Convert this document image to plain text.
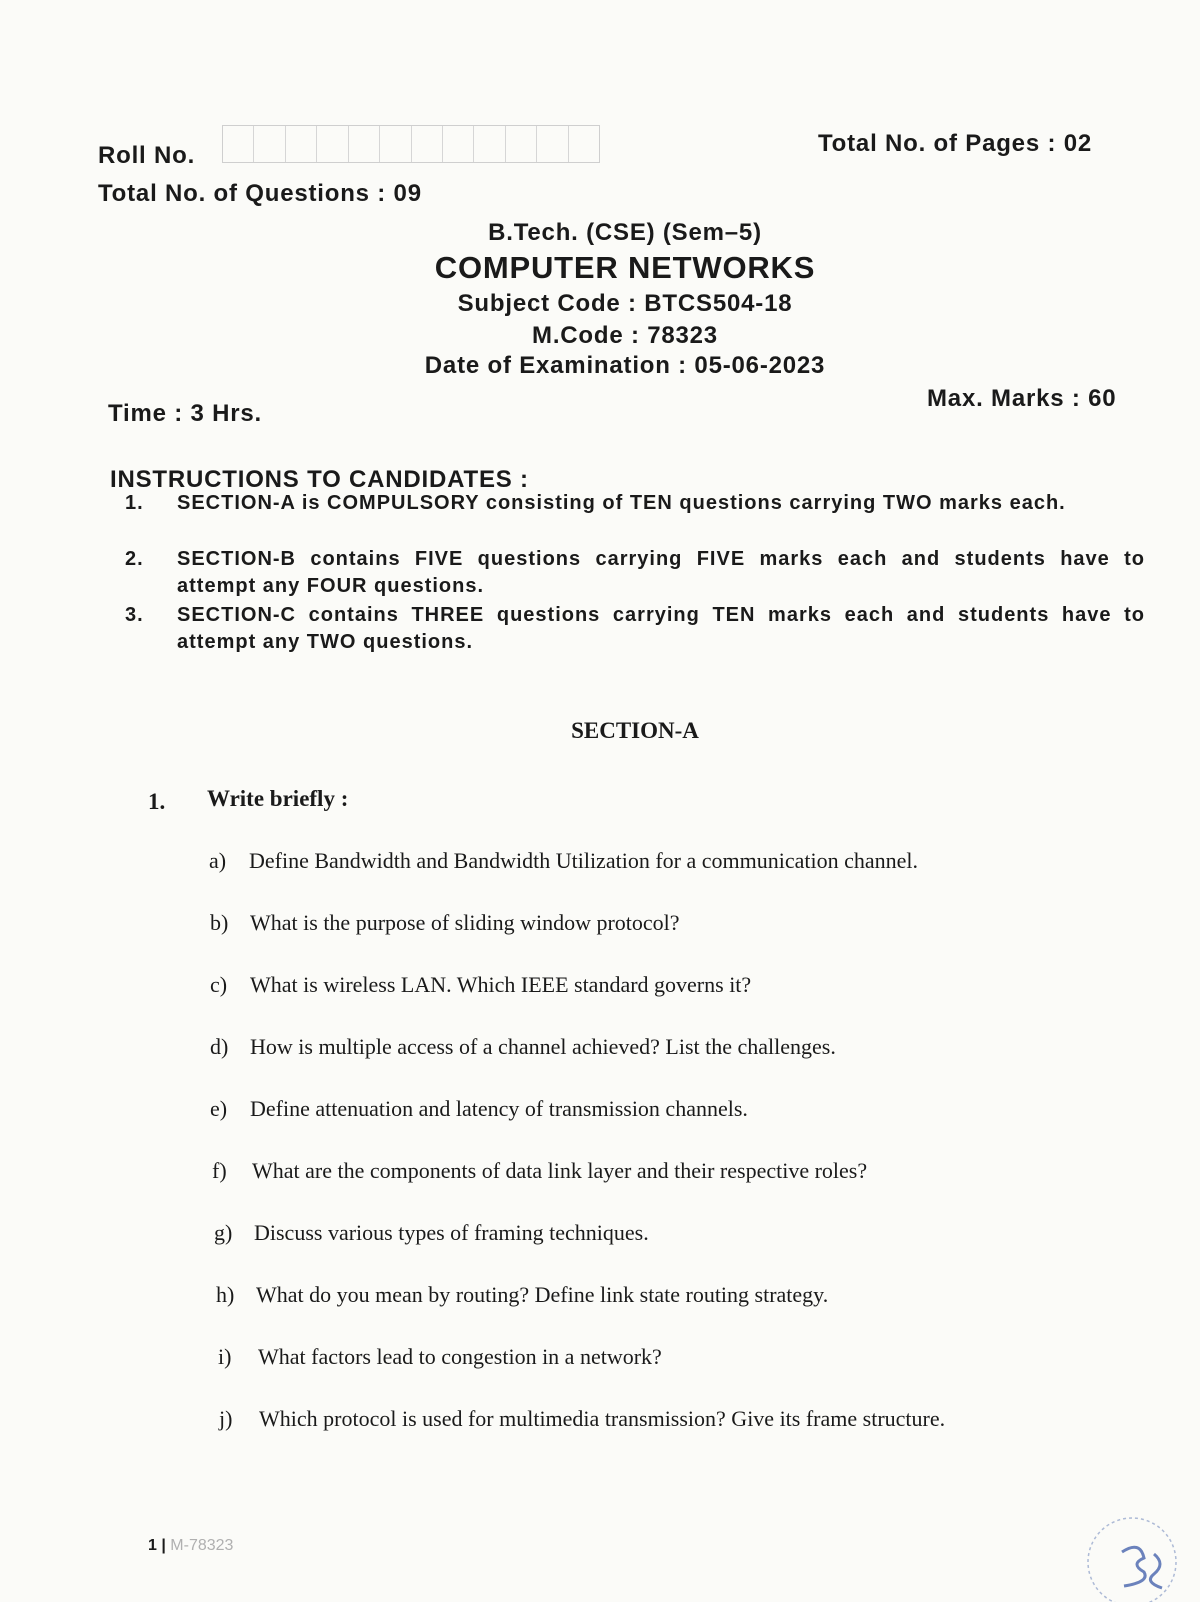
Roll No.	Total No. of Pages : 02
Total No. of Questions : 09
B.Tech. (CSE) (Sem–5)
COMPUTER NETWORKS
Subject Code : BTCS504-18
M.Code : 78323
Date of Examination : 05-06-2023
Time : 3 Hrs.
Max. Marks : 60
INSTRUCTIONS TO CANDIDATES :
1. SECTION-A is COMPULSORY consisting of TEN questions carrying TWO marks each.
2. SECTION-B contains FIVE questions carrying FIVE marks each and students have to attempt any FOUR questions.
3. SECTION-C contains THREE questions carrying TEN marks each and students have to attempt any TWO questions.
SECTION-A
1. Write briefly :
a) Define Bandwidth and Bandwidth Utilization for a communication channel.
b) What is the purpose of sliding window protocol?
c) What is wireless LAN. Which IEEE standard governs it?
d) How is multiple access of a channel achieved? List the challenges.
e) Define attenuation and latency of transmission channels.
f) What are the components of data link layer and their respective roles?
g) Discuss various types of framing techniques.
h) What do you mean by routing? Define link state routing strategy.
i) What factors lead to congestion in a network?
j) Which protocol is used for multimedia transmission? Give its frame structure.
1 | M-78323
